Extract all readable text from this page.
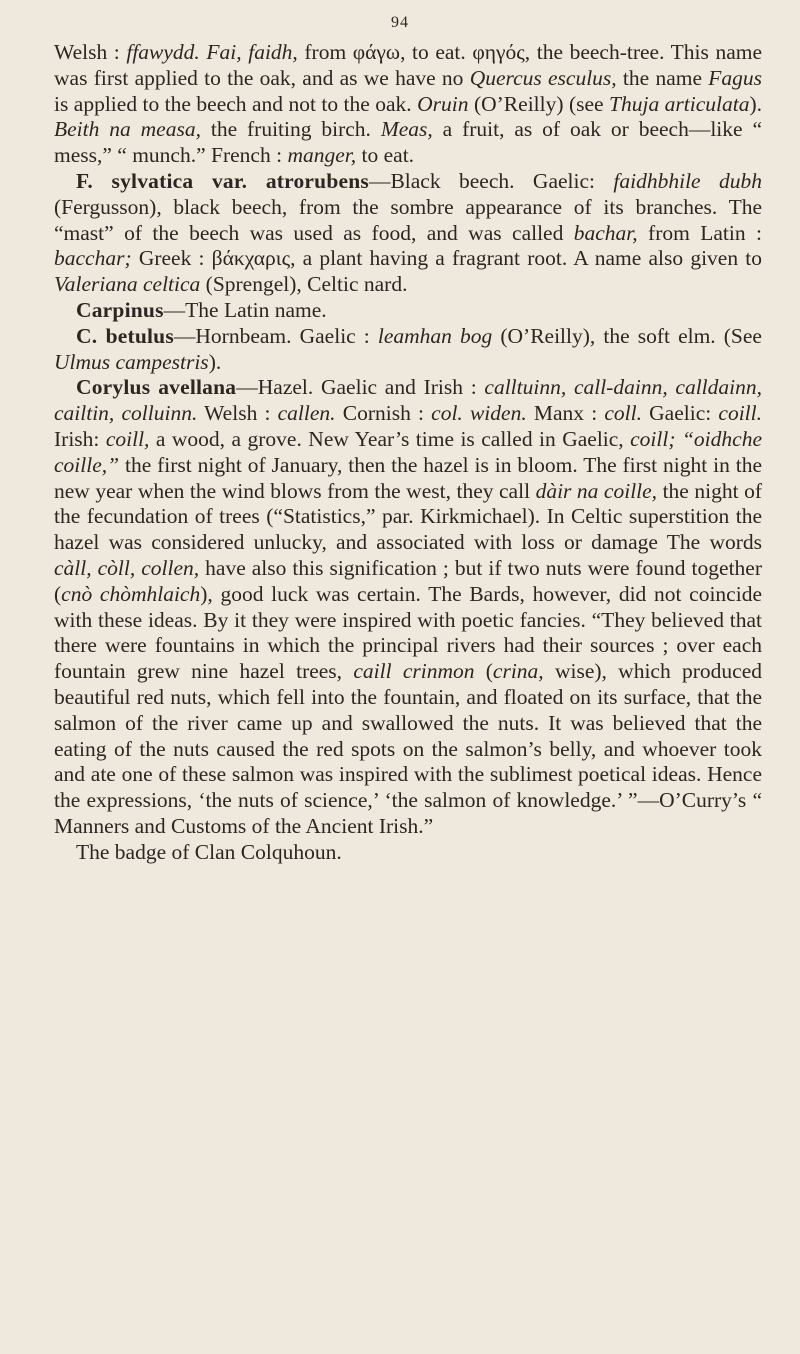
94

Welsh : ffawydd. Fai, faidh, from φάγω, to eat. φηγός, the beech-tree. This name was first applied to the oak, and as we have no Quercus esculus, the name Fagus is applied to the beech and not to the oak. Oruin (O’Reilly) (see Thuja articulata). Beith na measa, the fruiting birch. Meas, a fruit, as of oak or beech—like “ mess,” “ munch.” French : manger, to eat.

F. sylvatica var. atrorubens—Black beech. Gaelic: faidhbhile dubh (Fergusson), black beech, from the sombre appearance of its branches. The “mast” of the beech was used as food, and was called bachar, from Latin : bacchar; Greek : βάκχαρις, a plant having a fragrant root. A name also given to Valeriana celtica (Sprengel), Celtic nard.

Carpinus—The Latin name.

C. betulus—Hornbeam. Gaelic : leamhan bog (O’Reilly), the soft elm. (See Ulmus campestris).

Corylus avellana—Hazel. Gaelic and Irish : calltuinn, call-dainn, calldainn, cailtin, colluinn. Welsh : callen. Cornish : col. widen. Manx : coll. Gaelic: coill. Irish: coill, a wood, a grove. New Year’s time is called in Gaelic, coill; “oidhche coille,” the first night of January, then the hazel is in bloom. The first night in the new year when the wind blows from the west, they call dàir na coille, the night of the fecundation of trees (“Statistics,” par. Kirkmichael). In Celtic superstition the hazel was considered unlucky, and associated with loss or damage The words càll, còll, collen, have also this signification ; but if two nuts were found together (cnò chòmhlaich), good luck was certain. The Bards, however, did not coincide with these ideas. By it they were inspired with poetic fancies. “They believed that there were fountains in which the principal rivers had their sources ; over each fountain grew nine hazel trees, caill crinmon (crina, wise), which produced beautiful red nuts, which fell into the fountain, and floated on its surface, that the salmon of the river came up and swallowed the nuts. It was believed that the eating of the nuts caused the red spots on the salmon’s belly, and whoever took and ate one of these salmon was inspired with the sublimest poetical ideas. Hence the expressions, ‘the nuts of science,’ ‘the salmon of knowledge.’ ”—O’Curry’s “ Manners and Customs of the Ancient Irish.”

The badge of Clan Colquhoun.
